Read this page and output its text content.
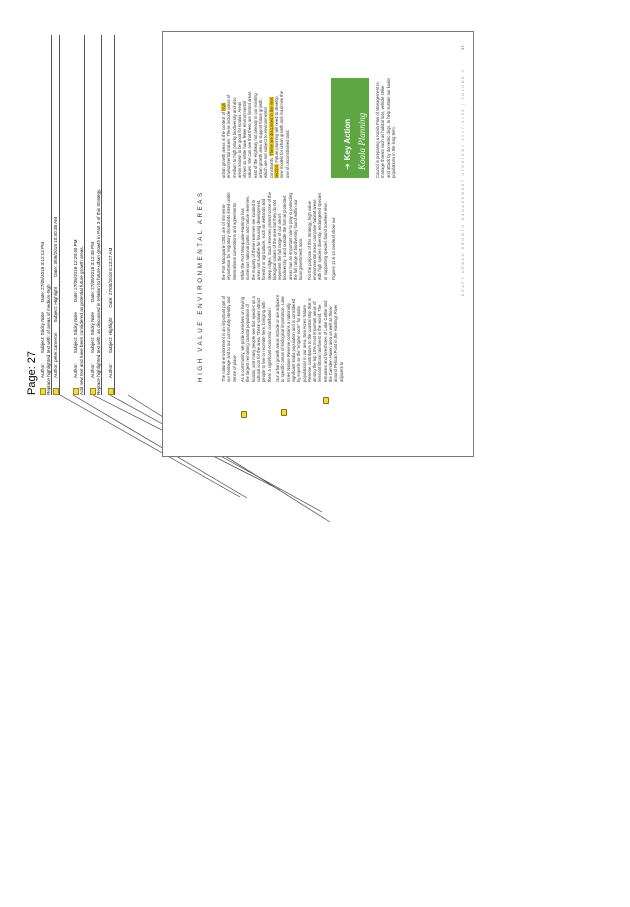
Page: 27 Author:Subject: Sticky NoteDate: 27/05/2018 3:12:13 PM
Replace highlighted text with: of areas of medium-high Author: peter.cameronSubject: HighlightDate: 3/06/2018 10:40:38 AM
Author:Subject: Sticky NoteDate: 27/05/2018 12:28:40 PM Add new text and have been considered as potential future growth areas. Author:Subject: Sticky NoteDate: 27/05/2018 3:12:48 PM Replace highlighted text with: as discussed in relation to future urban growth in Part 3 of this Strategy. Author:Subject: HighlightDate: 27/05/2018 8:13:27 AM	HIGH VALUE ENVIRONMENTAL AREAS	The natural environment is an important part of our heritage and to our community identity and sense of place. As a community, we pride ourselves on having the largest remaining coastal population of koalas, and many people see this species as a cultural icon for the area. These values attract people to live or recreate here, bringing with them a significant economic contribution. Our urban growth areas include or are adjacent to specific areas of biological importance. Lake Innes Nature Reserve contains a nationally significant koala population and is considered by experts as the "engine room" for koala populations in our area. Sea Acres Nature Reserve contributes to the coastal strip that is among the top 10% most important areas of remnant littoral rainforest in the world. The estuaries and foreshores of Lake Cathie and the Camden Haven area as well as those around Pelican Point in the Hastings River adjacent to

the Port Macquarie CBD, are of immense importance for migratory shorebirds listed under international conventions and agreements. While the Port Macquarie-Hastings has numerous national parks and nature reserves, the majority of these reserves are located in areas not suitable for housing development, forestry or agriculture, such as wetlands and steep ridges. Such reserves protect some of the biological values of the area but they do not represent the full range of our area's biodiversity. Land outside the formal protected areas has an important role to play in protecting the full range of biodiversity found within our local government area. For the purpose of this Strategy, high value environmental areas comprise habitat areas with high species diversity, endangered species or supporting species found nowhere else. Figures 11 & 12 overleaf show our

urban growth areas in the context of high environmental values. These include areas of medium to high priority biodiversity and also areas known to be good for koalas. Areas shown as white have fewer environmental values. We can see that there are limited areas east of the Highway not already in our existing urban growth area to support future growth, which are not subject to environmental constraints. These are discussed in the next section. Future planning will need to develop new models for urban growth and maximise the use of unconstrained land.	➜Key Action Koala Planning Council is preparing a Koala Plan of Management to manage threats such as habitat loss, vehicle strike and attack by domestic dogs, to help sustain our koala populations in the long term.	DRAFT URBAN GROWTH MANAGEMENT STRATEGY 2017-2036 | VOLUME 2
27
